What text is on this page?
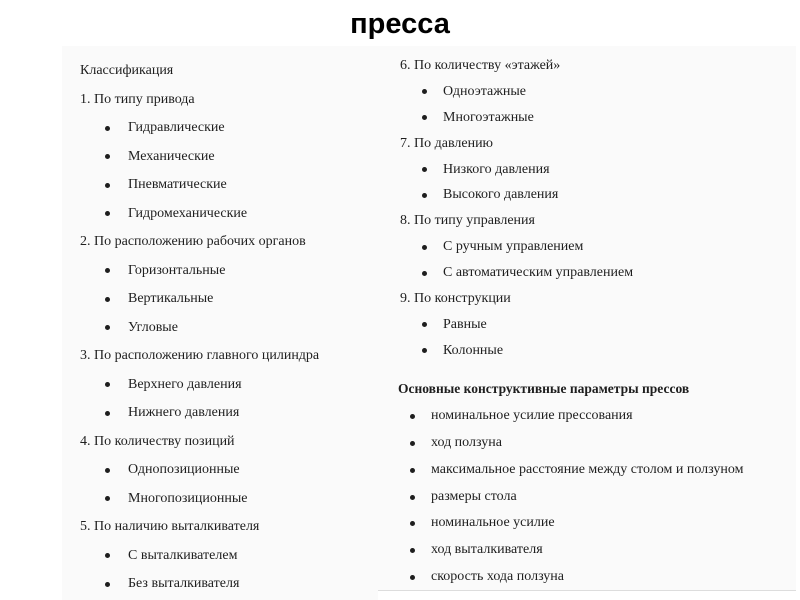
пресса
Классификация
1. По типу привода
Гидравлические
Механические
Пневматические
Гидромеханические
2. По расположению рабочих органов
Горизонтальные
Вертикальные
Угловые
3. По расположению главного цилиндра
Верхнего давления
Нижнего давления
4. По количеству позиций
Однопозиционные
Многопозиционные
5. По наличию выталкивателя
С выталкивателем
Без выталкивателя
6. По количеству «этажей»
Одноэтажные
Многоэтажные
7. По давлению
Низкого давления
Высокого давления
8. По типу управления
С ручным управлением
С автоматическим управлением
9. По конструкции
Равные
Колонные
Основные конструктивные параметры прессов
номинальное усилие прессования
ход ползуна
максимальное расстояние между столом и ползуном
размеры стола
номинальное усилие
ход выталкивателя
скорость хода ползуна
